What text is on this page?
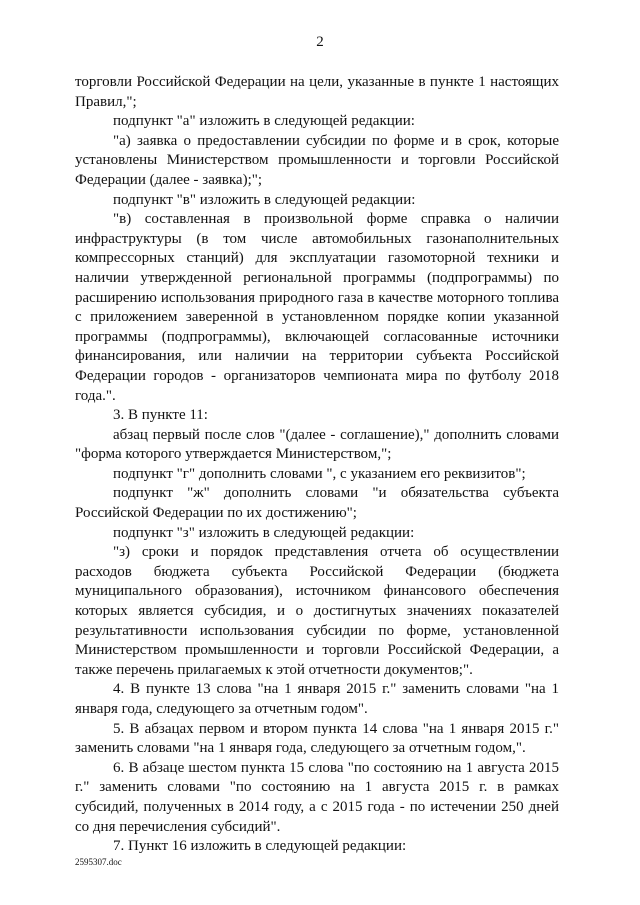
2

торговли Российской Федерации на цели, указанные в пункте 1 настоящих Правил,";

подпункт "а" изложить в следующей редакции:

"а) заявка о предоставлении субсидии по форме и в срок, которые установлены Министерством промышленности и торговли Российской Федерации (далее - заявка);";

подпункт "в" изложить в следующей редакции:

"в) составленная в произвольной форме справка о наличии инфраструктуры (в том числе автомобильных газонаполнительных компрессорных станций) для эксплуатации газомоторной техники и наличии утвержденной региональной программы (подпрограммы) по расширению использования природного газа в качестве моторного топлива с приложением заверенной в установленном порядке копии указанной программы (подпрограммы), включающей согласованные источники финансирования, или наличии на территории субъекта Российской Федерации городов - организаторов чемпионата мира по футболу 2018 года.".

3. В пункте 11:

абзац первый после слов "(далее - соглашение)," дополнить словами "форма которого утверждается Министерством,";

подпункт "г" дополнить словами ", с указанием его реквизитов";

подпункт "ж" дополнить словами "и обязательства субъекта Российской Федерации по их достижению";

подпункт "з" изложить в следующей редакции:

"з) сроки и порядок представления отчета об осуществлении расходов бюджета субъекта Российской Федерации (бюджета муниципального образования), источником финансового обеспечения которых является субсидия, и о достигнутых значениях показателей результативности использования субсидии по форме, установленной Министерством промышленности и торговли Российской Федерации, а также перечень прилагаемых к этой отчетности документов;".

4. В пункте 13 слова "на 1 января 2015 г." заменить словами "на 1 января года, следующего за отчетным годом".

5. В абзацах первом и втором пункта 14 слова "на 1 января 2015 г." заменить словами "на 1 января года, следующего за отчетным годом,".

6. В абзаце шестом пункта 15 слова "по состоянию на 1 августа 2015 г." заменить словами "по состоянию на 1 августа 2015 г. в рамках субсидий, полученных в 2014 году, а с 2015 года - по истечении 250 дней со дня перечисления субсидий".

7. Пункт 16 изложить в следующей редакции:

2595307.doc
